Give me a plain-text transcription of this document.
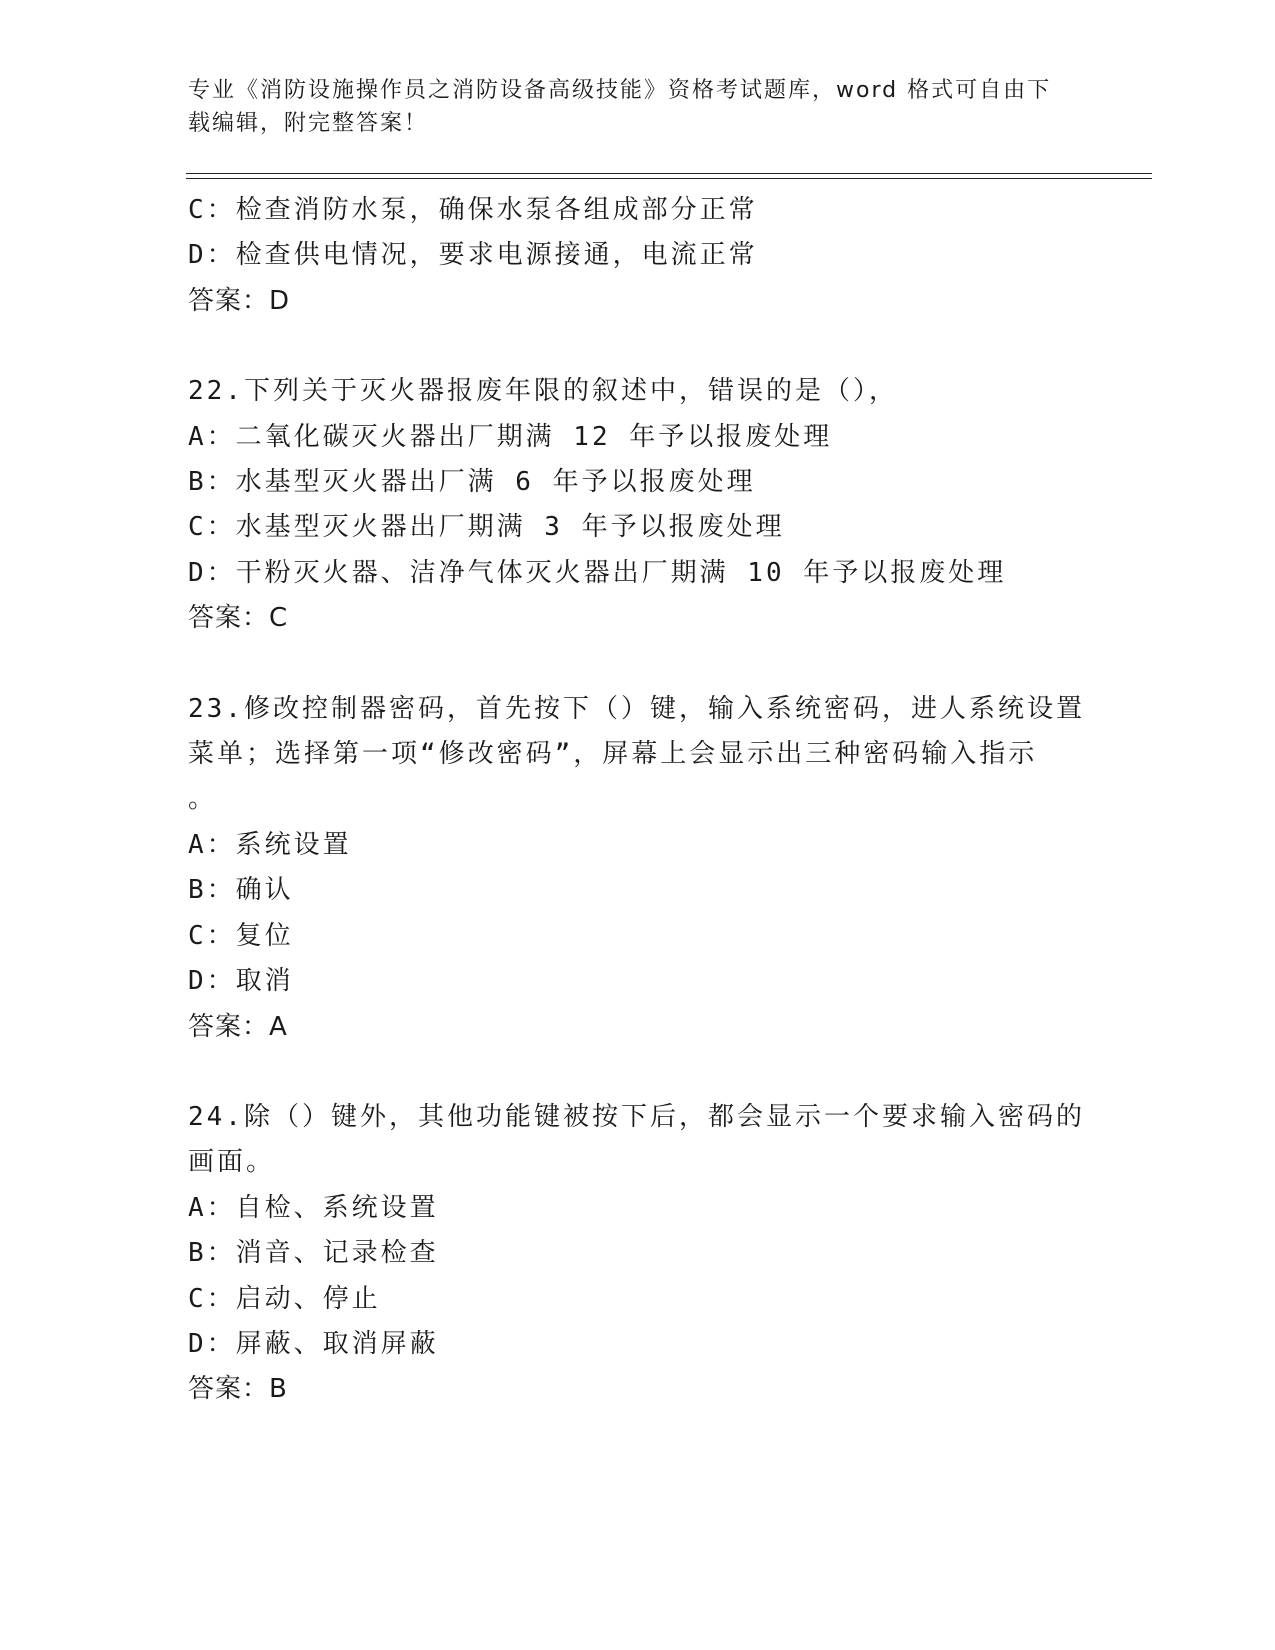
专业《消防设施操作员之消防设备高级技能》资格考试题库，word 格式可自由下
载编辑，附完整答案！
C：检查消防水泵，确保水泵各组成部分正常
D：检查供电情况，要求电源接通，电流正常
答案：D
22.下列关于灭火器报废年限的叙述中，错误的是（），
A：二氧化碳灭火器出厂期满 12 年予以报废处理
B：水基型灭火器出厂满 6 年予以报废处理
C：水基型灭火器出厂期满 3 年予以报废处理
D：干粉灭火器、洁净气体灭火器出厂期满 10 年予以报废处理
答案：C
23.修改控制器密码，首先按下（）键，输入系统密码，进人系统设置
菜单；选择第一项“修改密码”，屏幕上会显示出三种密码输入指示
。
A：系统设置
B：确认
C：复位
D：取消
答案：A
24.除（）键外，其他功能键被按下后，都会显示一个要求输入密码的
画面。
A：自检、系统设置
B：消音、记录检查
C：启动、停止
D：屏蔽、取消屏蔽
答案：B
